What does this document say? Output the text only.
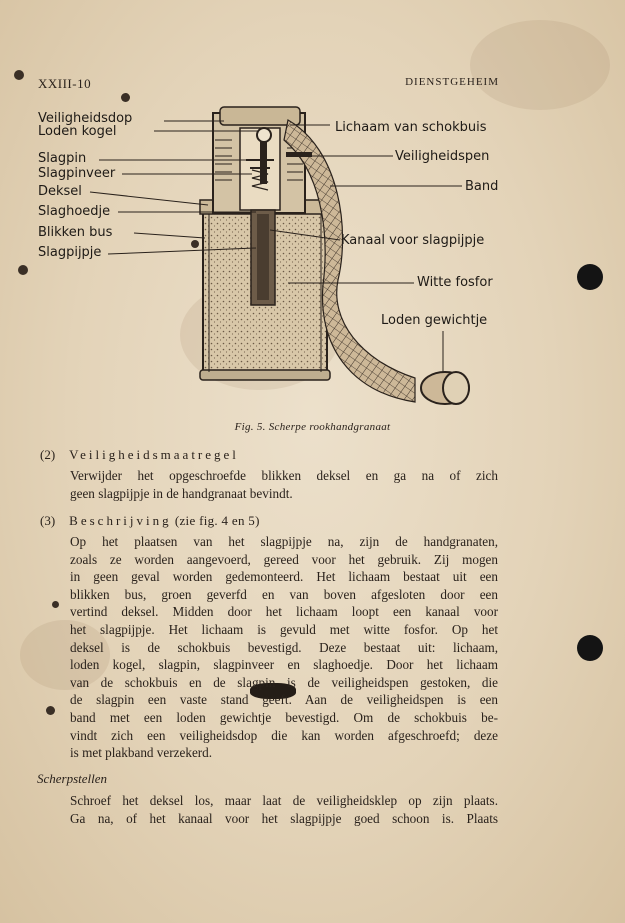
XXIII-10	DIENSTGEHEIM
Veiligheidsdop
Loden kogel
Slagpin
Slagpinveer
Deksel
Slaghoedje
Blikken bus
Slagpijpje
Lichaam van schokbuis
Veiligheidspen
Band
Kanaal voor slagpijpje
Witte fosfor
Loden gewichtje
Fig. 5. Scherpe rookhandgranaat
(2) Veiligheidsmaatregel
Verwijder het opgeschroefde blikken deksel en ga na of zich
geen slagpijpje in de handgranaat bevindt.
(3) Beschrijving (zie fig. 4 en 5)
Op het plaatsen van het slagpijpje na, zijn de handgranaten,
zoals ze worden aangevoerd, gereed voor het gebruik. Zij mogen
in geen geval worden gedemonteerd. Het lichaam bestaat uit een
blikken bus, groen geverfd en van boven afgesloten door een
vertind deksel. Midden door het lichaam loopt een kanaal voor
het slagpijpje. Het lichaam is gevuld met witte fosfor. Op het
deksel is de schokbuis bevestigd. Deze bestaat uit: lichaam,
loden kogel, slagpin, slagpinveer en slaghoedje. Door het lichaam
van de schokbuis en de slagpin is de veiligheidspen gestoken, die
de slagpin een vaste stand geeft. Aan de veiligheidspen is een
band met een loden gewichtje bevestigd. Om de schokbuis be-
vindt zich een veiligheidsdop die kan worden afgeschroefd; deze
is met plakband verzekerd.
Scherpstellen
Schroef het deksel los, maar laat de veiligheidsklep op zijn plaats.
Ga na, of het kanaal voor het slagpijpje goed schoon is. Plaats
